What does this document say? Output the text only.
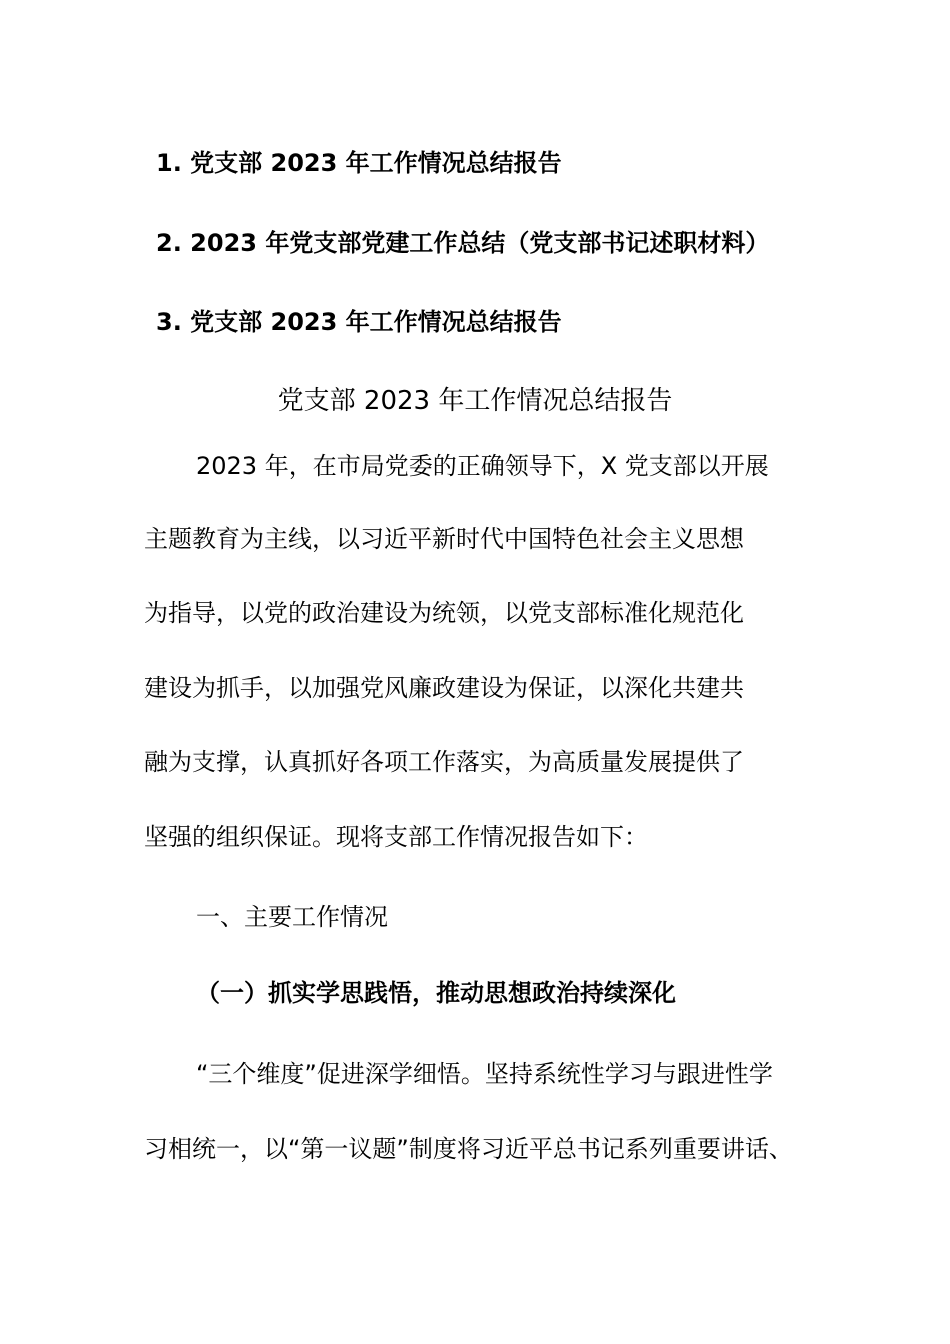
1. 党支部 2023 年工作情况总结报告
2. 2023 年党支部党建工作总结（党支部书记述职材料）
3. 党支部 2023 年工作情况总结报告
党支部 2023 年工作情况总结报告
2023 年，在市局党委的正确领导下，X 党支部以开展
主题教育为主线，以习近平新时代中国特色社会主义思想
为指导，以党的政治建设为统领，以党支部标准化规范化
建设为抓手，以加强党风廉政建设为保证，以深化共建共
融为支撑，认真抓好各项工作落实，为高质量发展提供了
坚强的组织保证。现将支部工作情况报告如下：
一、主要工作情况
（一）抓实学思践悟，推动思想政治持续深化
“三个维度”促进深学细悟。坚持系统性学习与跟进性学
习相统一，以“第一议题”制度将习近平总书记系列重要讲话、
